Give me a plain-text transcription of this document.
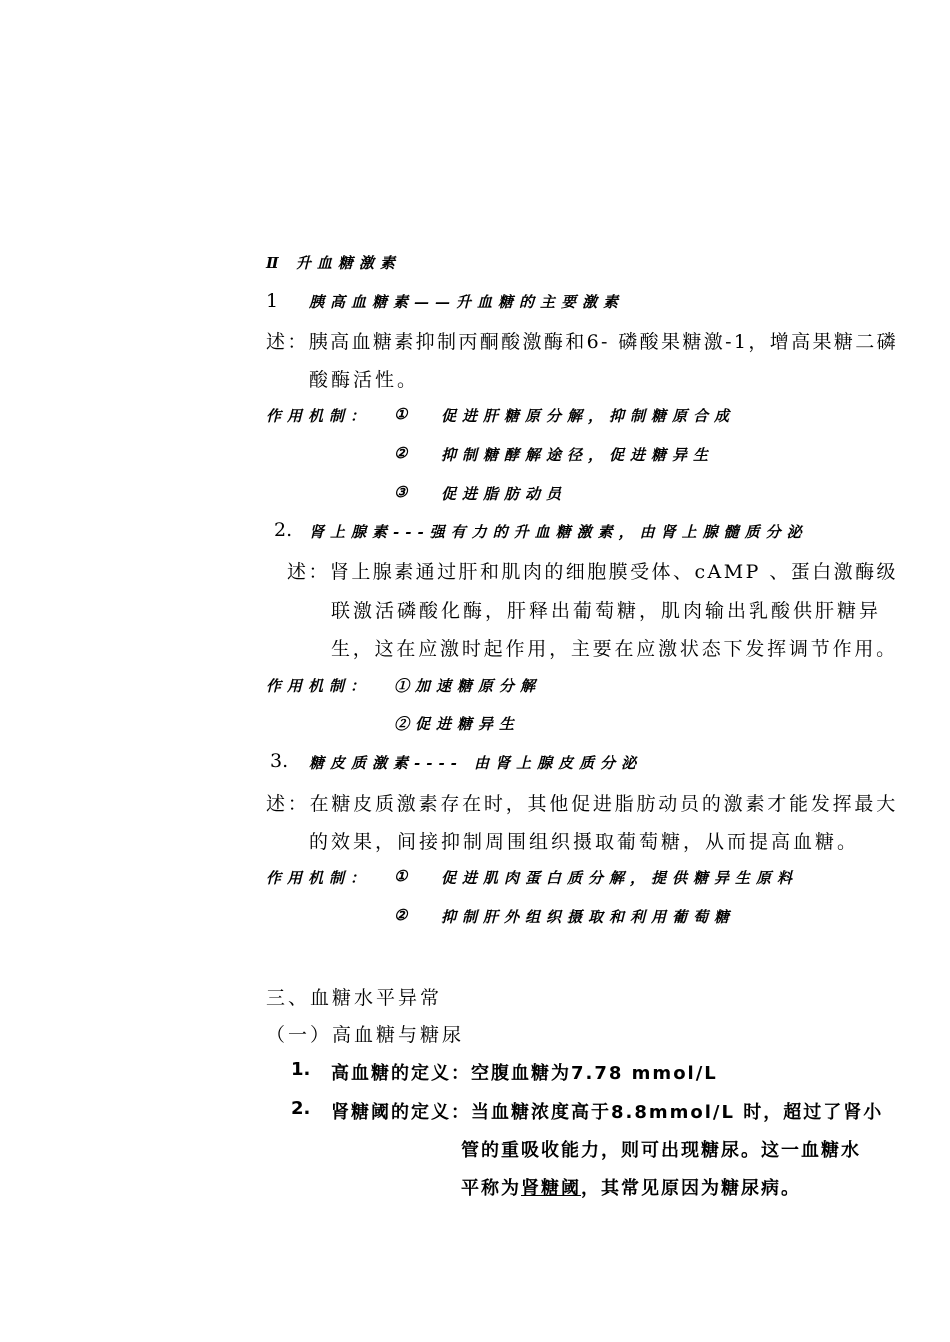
Ⅱ 升血糖激素
1 胰高血糖素——升血糖的主要激素
述：胰高血糖素抑制丙酮酸激酶和6- 磷酸果糖激-1，增高果糖二磷
酸酶活性。
作用机制： ① 促进肝糖原分解，抑制糖原合成
② 抑制糖酵解途径，促进糖异生
③ 促进脂肪动员
2. 肾上腺素---强有力的升血糖激素，由肾上腺髓质分泌
述：肾上腺素通过肝和肌肉的细胞膜受体、cAMP 、蛋白激酶级
联激活磷酸化酶，肝释出葡萄糖，肌肉输出乳酸供肝糖异
生，这在应激时起作用，主要在应激状态下发挥调节作用。
作用机制： ①加速糖原分解
②促进糖异生
3. 糖皮质激素---- 由肾上腺皮质分泌
述：在糖皮质激素存在时，其他促进脂肪动员的激素才能发挥最大
的效果，间接抑制周围组织摄取葡萄糖，从而提高血糖。
作用机制： ① 促进肌肉蛋白质分解，提供糖异生原料
② 抑制肝外组织摄取和利用葡萄糖
三、血糖水平异常
（一）高血糖与糖尿
1. 高血糖的定义：空腹血糖为7.78 mmol/L
2. 肾糖阈的定义：当血糖浓度高于8.8mmol/L 时，超过了肾小
管的重吸收能力，则可出现糖尿。这一血糖水
平称为肾糖阈，其常见原因为糖尿病。
